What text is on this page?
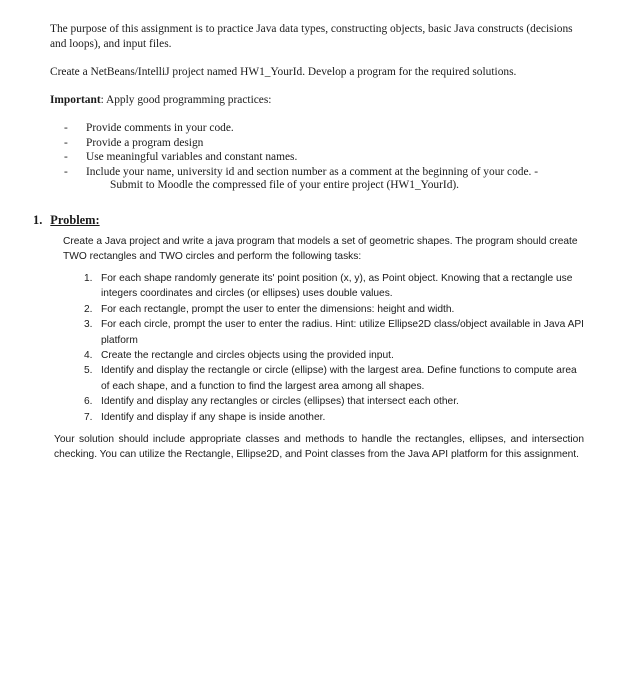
The purpose of this assignment is to practice Java data types, constructing objects, basic Java constructs (decisions and loops), and input files.

Create a NetBeans/IntelliJ project named HW1_YourId. Develop a program for the required solutions.

Important: Apply good programming practices:

- Provide comments in your code.
- Provide a program design
- Use meaningful variables and constant names.
- Include your name, university id and section number as a comment at the beginning of your code. -

Submit to Moodle the compressed file of your entire project (HW1_YourId).

1. Problem:

Create a Java project and write a java program that models a set of geometric shapes. The program should create TWO rectangles and TWO circles and perform the following tasks:

1. For each shape randomly generate its' point position (x, y), as Point object. Knowing that a rectangle use integers coordinates and circles (or ellipses) uses double values.
2. For each rectangle, prompt the user to enter the dimensions: height and width.
3. For each circle, prompt the user to enter the radius. Hint: utilize Ellipse2D class/object available in Java API platform
4. Create the rectangle and circles objects using the provided input.
5. Identify and display the rectangle or circle (ellipse) with the largest area. Define functions to compute area of each shape, and a function to find the largest area among all shapes.
6. Identify and display any rectangles or circles (ellipses) that intersect each other.
7. Identify and display if any shape is inside another.

Your solution should include appropriate classes and methods to handle the rectangles, ellipses, and intersection checking. You can utilize the Rectangle, Ellipse2D, and Point classes from the Java API platform for this assignment.
